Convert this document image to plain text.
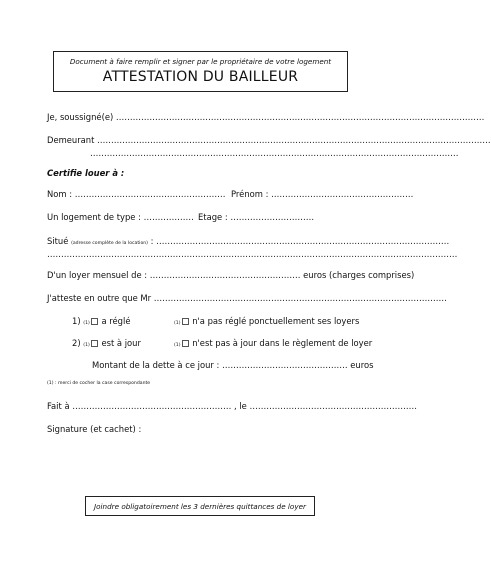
Document à faire remplir et signer par le propriétaire de votre logement
ATTESTATION DU BAILLEUR
Je, soussigné(e) ……………………………………………………………………………………………………………………
Demeurant ……………………………………………………………………………………………………………………………
……………………………………………………………………………………………………………………
Certifie louer à :
Nom : ……………………………………………… Prénom : ……………………………………………
Un logement de type : ……………… Etage : …………………………
Situé (adresse complète de la location) : ……………………………………………………………………………………………
…………………………………………………………………………………………………………………………………
D'un loyer mensuel de : ……………………………………………… euros (charges comprises)
J'atteste en outre que Mr ……………………………………………………………………………………………
1) (1) a réglé	(1) n'a pas réglé ponctuellement ses loyers
2) (1) est à jour	(1) n'est pas à jour dans le règlement de loyer
Montant de la dette à ce jour : ……………………………………… euros
(1) : merci de cocher la case correspondante
Fait à ………………………………………………… , le ……………………………………………………
Signature (et cachet) :
Joindre obligatoirement les 3 dernières quittances de loyer
